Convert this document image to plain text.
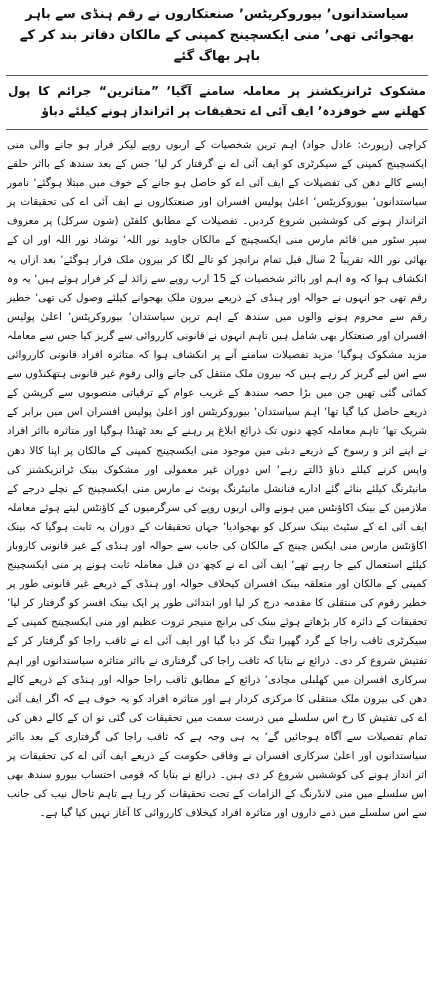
سیاستدانوں٬ بیوروکریٹس٬ صنعتکاروں نے رقم ہنڈی سے باہر بھجوائی تھی٬ منی ایکسچینج کمپنی کے مالکان دفاتر بند کر کے باہر بھاگ گئے
مشکوک ٹرانزیکشنز پر معاملہ سامنے آگیا٬ ”متاثرین“ جرائم کا پول کھلنے سے خوفزدہ٬ ایف آئی اے تحقیقات پر اثرانداز ہونے کیلئے دباؤ

کراچی (رپورٹ: عادل جواد) اہم ترین شخصیات کے اربوں روپے لیکر فرار ہو جانے والی منی ایکسچینج کمپنی کے سیکرٹری کو ایف آئی اے نے گرفتار کر لیا٬ جس کے بعد سندھ کے بااثر حلقے ایسے کالے دھن کی تفصیلات کے ایف آئی اے کو حاصل ہو جانے کے خوف میں مبتلا ہوگئے٬ نامور سیاستدانوں٬ بیوروکریٹس٬ اعلیٰ پولیس افسران اور صنعتکاروں نے ایف آئی اے کی تحقیقات پر اثرانداز ہونے کی کوششیں شروع کردیں۔ تفصیلات کے مطابق کلفٹن (شون سرکل) پر معروف سپر سٹور میں قائم مارس منی ایکسچینج کے مالکان جاوید نور اللہ٬ نوشاد نور اللہ اور ان کے بھائی نور اللہ تقریباً 2 سال قبل تمام برانچز کو تالے لگا کر بیرون ملک فرار ہوگئے٬ بعد ازاں یہ انکشاف ہوا کہ وہ اہم اور بااثر شخصیات کے 15 ارب روپے سے زائد لے کر فرار ہوئے ہیں٬ یہ وہ رقم تھی جو انہوں نے حوالہ اور ہنڈی کے ذریعے بیرون ملک بھجوانے کیلئے وصول کی تھی٬ خطیر رقم سے محروم ہونے والوں میں سندھ کے اہم ترین سیاستدان٬ بیوروکریٹس٬ اعلیٰ پولیس افسران اور صنعتکار بھی شامل ہیں تاہم انہوں نے قانونی کارروائی سے گریز کیا جس سے معاملہ مزید مشکوک ہوگیا٬ مزید تفصیلات سامنے آنے پر انکشاف ہوا کہ متاثرہ افراد قانونی کارروائی سے اس لیے گریز کر رہے ہیں کہ بیرون ملک منتقل کی جانے والی رقوم غیر قانونی ہتھکنڈوں سے کمائی گئی تھیں جن میں بڑا حصہ سندھ کے غریب عوام کے ترقیاتی منصوبوں سے کرپشن کے ذریعے حاصل کیا گیا تھا٬ اہم سیاستدان٬ بیوروکریٹس اور اعلیٰ پولیس افسران اس میں برابر کے شریک تھا٬ تاہم معاملہ کچھ دنوں تک ذرائع ابلاغ پر رہنے کے بعد ٹھنڈا ہوگیا اور متاثرہ بااثر افراد نے اپنے اثر و رسوخ کے ذریعے دبئی میں موجود منی ایکسچینج کمپنی کے مالکان پر اپنا کالا دھن واپس کرنے کیلئے دباؤ ڈالتے رہے٬ اس دوران غیر معمولی اور مشکوک بینک ٹرانزیکشنز کی مانیٹرنگ کیلئے بنائے گئے ادارے فنانشل مانیٹرنگ یونٹ نے مارس منی ایکسچینج کے نچلے درجے کے ملازمین کے بینک اکاؤنٹس میں ہونے والی اربوں روپے کی سرگرمیوں کے کاؤنٹس لیتے ہوئے معاملہ ایف آئی اے کے سٹیٹ بینک سرکل کو بھجوادیا٬ جہاں تحقیقات کے دوران یہ ثابت ہوگیا کہ بینک اکاؤنٹس مارس منی ایکس چینج کے مالکان کی جانب سے حوالہ اور ہنڈی کے غیر قانونی کاروبار کیلئے استعمال کیے جا رہے تھے٬ ایف آئی اے نے کچھ دن قبل معاملہ ثابت ہونے پر منی ایکسچینج کمپنی کے مالکان اور متعلقہ بینک افسران کیخلاف حوالہ اور ہنڈی کے ذریعے غیر قانونی طور پر خطیر رقوم کی منتقلی کا مقدمہ درج کر لیا اور ابتدائی طور پر ایک بینک افسر کو گرفتار کر لیا٬ تحقیقات کے دائرہ کار بڑھاتے ہوئے بینک کی برانچ منیجر ثروت عظیم اور منی ایکسچینج کمپنی کے سیکرٹری ثاقب راجا کے گرد گھیرا تنگ کر دیا گیا اور ایف آئی اے نے ثاقب راجا کو گرفتار کر کے تفتیش شروع کر دی۔ ذرائع نے بتایا کہ ثاقب راجا کی گرفتاری نے بااثر متاثرہ سیاستدانوں اور اہم سرکاری افسران میں کھلبلی مچادی٬ ذرائع کے مطابق ثاقب راجا حوالہ اور ہنڈی کے ذریعے کالے دھن کی بیرون ملک منتقلی کا مرکزی کردار ہے اور متاثرہ افراد کو یہ خوف ہے کہ اگر ایف آئی اے کی تفتیش کا رخ اس سلسلے میں درست سمت میں تحقیقات کی گئی تو ان کے کالے دھن کی تمام تفصیلات سے آگاہ ہوجائیں گے٬ یہ ہی وجہ ہے کہ ثاقب راجا کی گرفتاری کے بعد بااثر سیاستدانوں اور اعلیٰ سرکاری افسران نے وفاقی حکومت کے ذریعے ایف آئی اے کی تحقیقات پر اثر انداز ہونے کی کوششیں شروع کر دی ہیں۔ ذرائع نے بتایا کہ قومی احتساب بیورو سندھ بھی اس سلسلے میں منی لانڈرنگ کے الزامات کے تحت تحقیقات کر رہا ہے تاہم تاحال نیب کی جانب سے اس سلسلے میں ذمے داروں اور متاثرہ افراد کیخلاف کارروائی کا آغاز نہیں کیا گیا ہے۔
